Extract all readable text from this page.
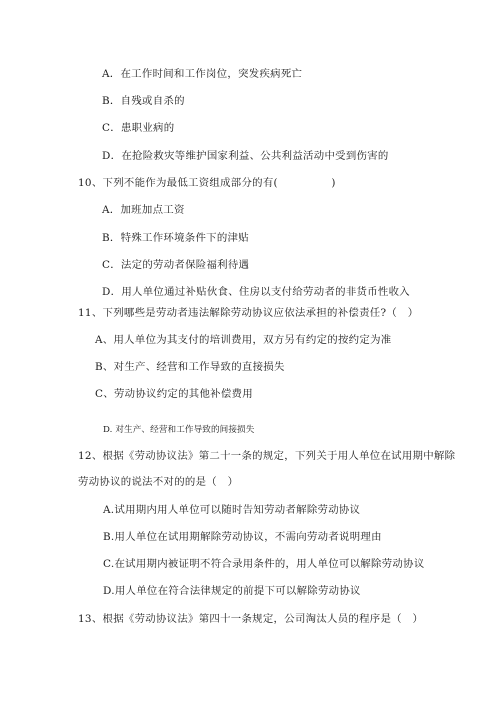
A．在工作时间和工作岗位，突发疾病死亡
B．自残或自杀的
C．患职业病的
D．在抢险救灾等维护国家利益、公共利益活动中受到伤害的
10、下列不能作为最低工资组成部分的有(　　　　　)
A．加班加点工资
B．特殊工作环境条件下的津贴
C．法定的劳动者保险福利待遇
D．用人单位通过补贴伙食、住房以支付给劳动者的非货币性收入
11、下列哪些是劳动者违法解除劳动协议应依法承担的补偿责任?（　）
A、用人单位为其支付的培训费用，双方另有约定的按约定为准
B、对生产、经营和工作导致的直接损失
C、劳动协议约定的其他补偿费用
D. 对生产、经营和工作导致的间接损失
12、根据《劳动协议法》第二十一条的规定，下列关于用人单位在试用期中解除
劳动协议的说法不对的的是（　）
A.试用期内用人单位可以随时告知劳动者解除劳动协议
B.用人单位在试用期解除劳动协议，不需向劳动者说明理由
C.在试用期内被证明不符合录用条件的，用人单位可以解除劳动协议
D.用人单位在符合法律规定的前提下可以解除劳动协议
13、根据《劳动协议法》第四十一条规定，公司淘汰人员的程序是（　）
